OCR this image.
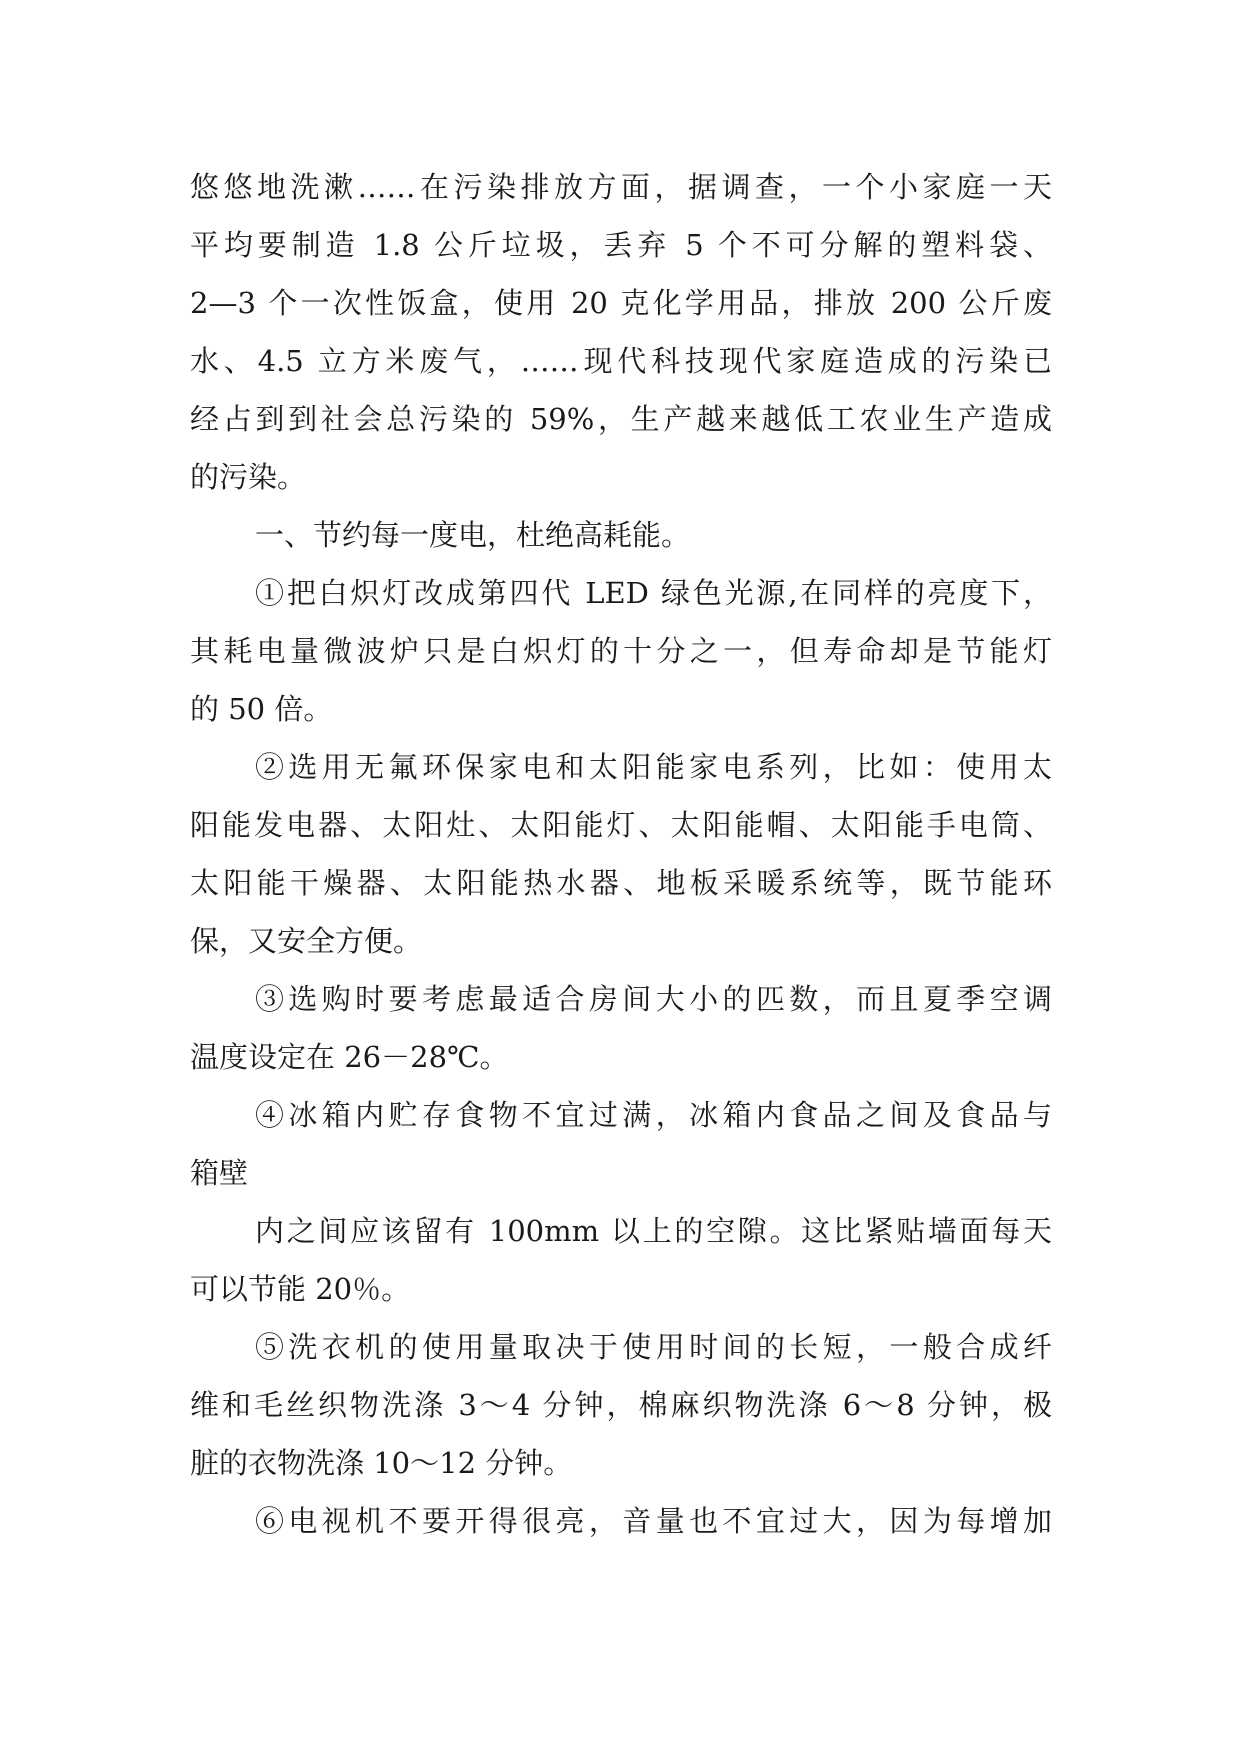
悠悠地洗漱……在污染排放方面，据调查，一个小家庭一天
平均要制造 1.8 公斤垃圾，丢弃 5 个不可分解的塑料袋、
2—3 个一次性饭盒，使用 20 克化学用品，排放 200 公斤废
水、4.5 立方米废气，……现代科技现代家庭造成的污染已
经占到到社会总污染的 59%，生产越来越低工农业生产造成
的污染。
一、节约每一度电，杜绝高耗能。
①把白炽灯改成第四代 LED 绿色光源,在同样的亮度下，
其耗电量微波炉只是白炽灯的十分之一，但寿命却是节能灯
的 50 倍。
②选用无氟环保家电和太阳能家电系列，比如：使用太
阳能发电器、太阳灶、太阳能灯、太阳能帽、太阳能手电筒、
太阳能干燥器、太阳能热水器、地板采暖系统等，既节能环
保，又安全方便。
③选购时要考虑最适合房间大小的匹数，而且夏季空调
温度设定在 26－28℃。
④冰箱内贮存食物不宜过满，冰箱内食品之间及食品与
箱壁
内之间应该留有 100mm 以上的空隙。这比紧贴墙面每天
可以节能 20％。
⑤洗衣机的使用量取决于使用时间的长短，一般合成纤
维和毛丝织物洗涤 3～4 分钟，棉麻织物洗涤 6～8 分钟，极
脏的衣物洗涤 10～12 分钟。
⑥电视机不要开得很亮，音量也不宜过大，因为每增加
